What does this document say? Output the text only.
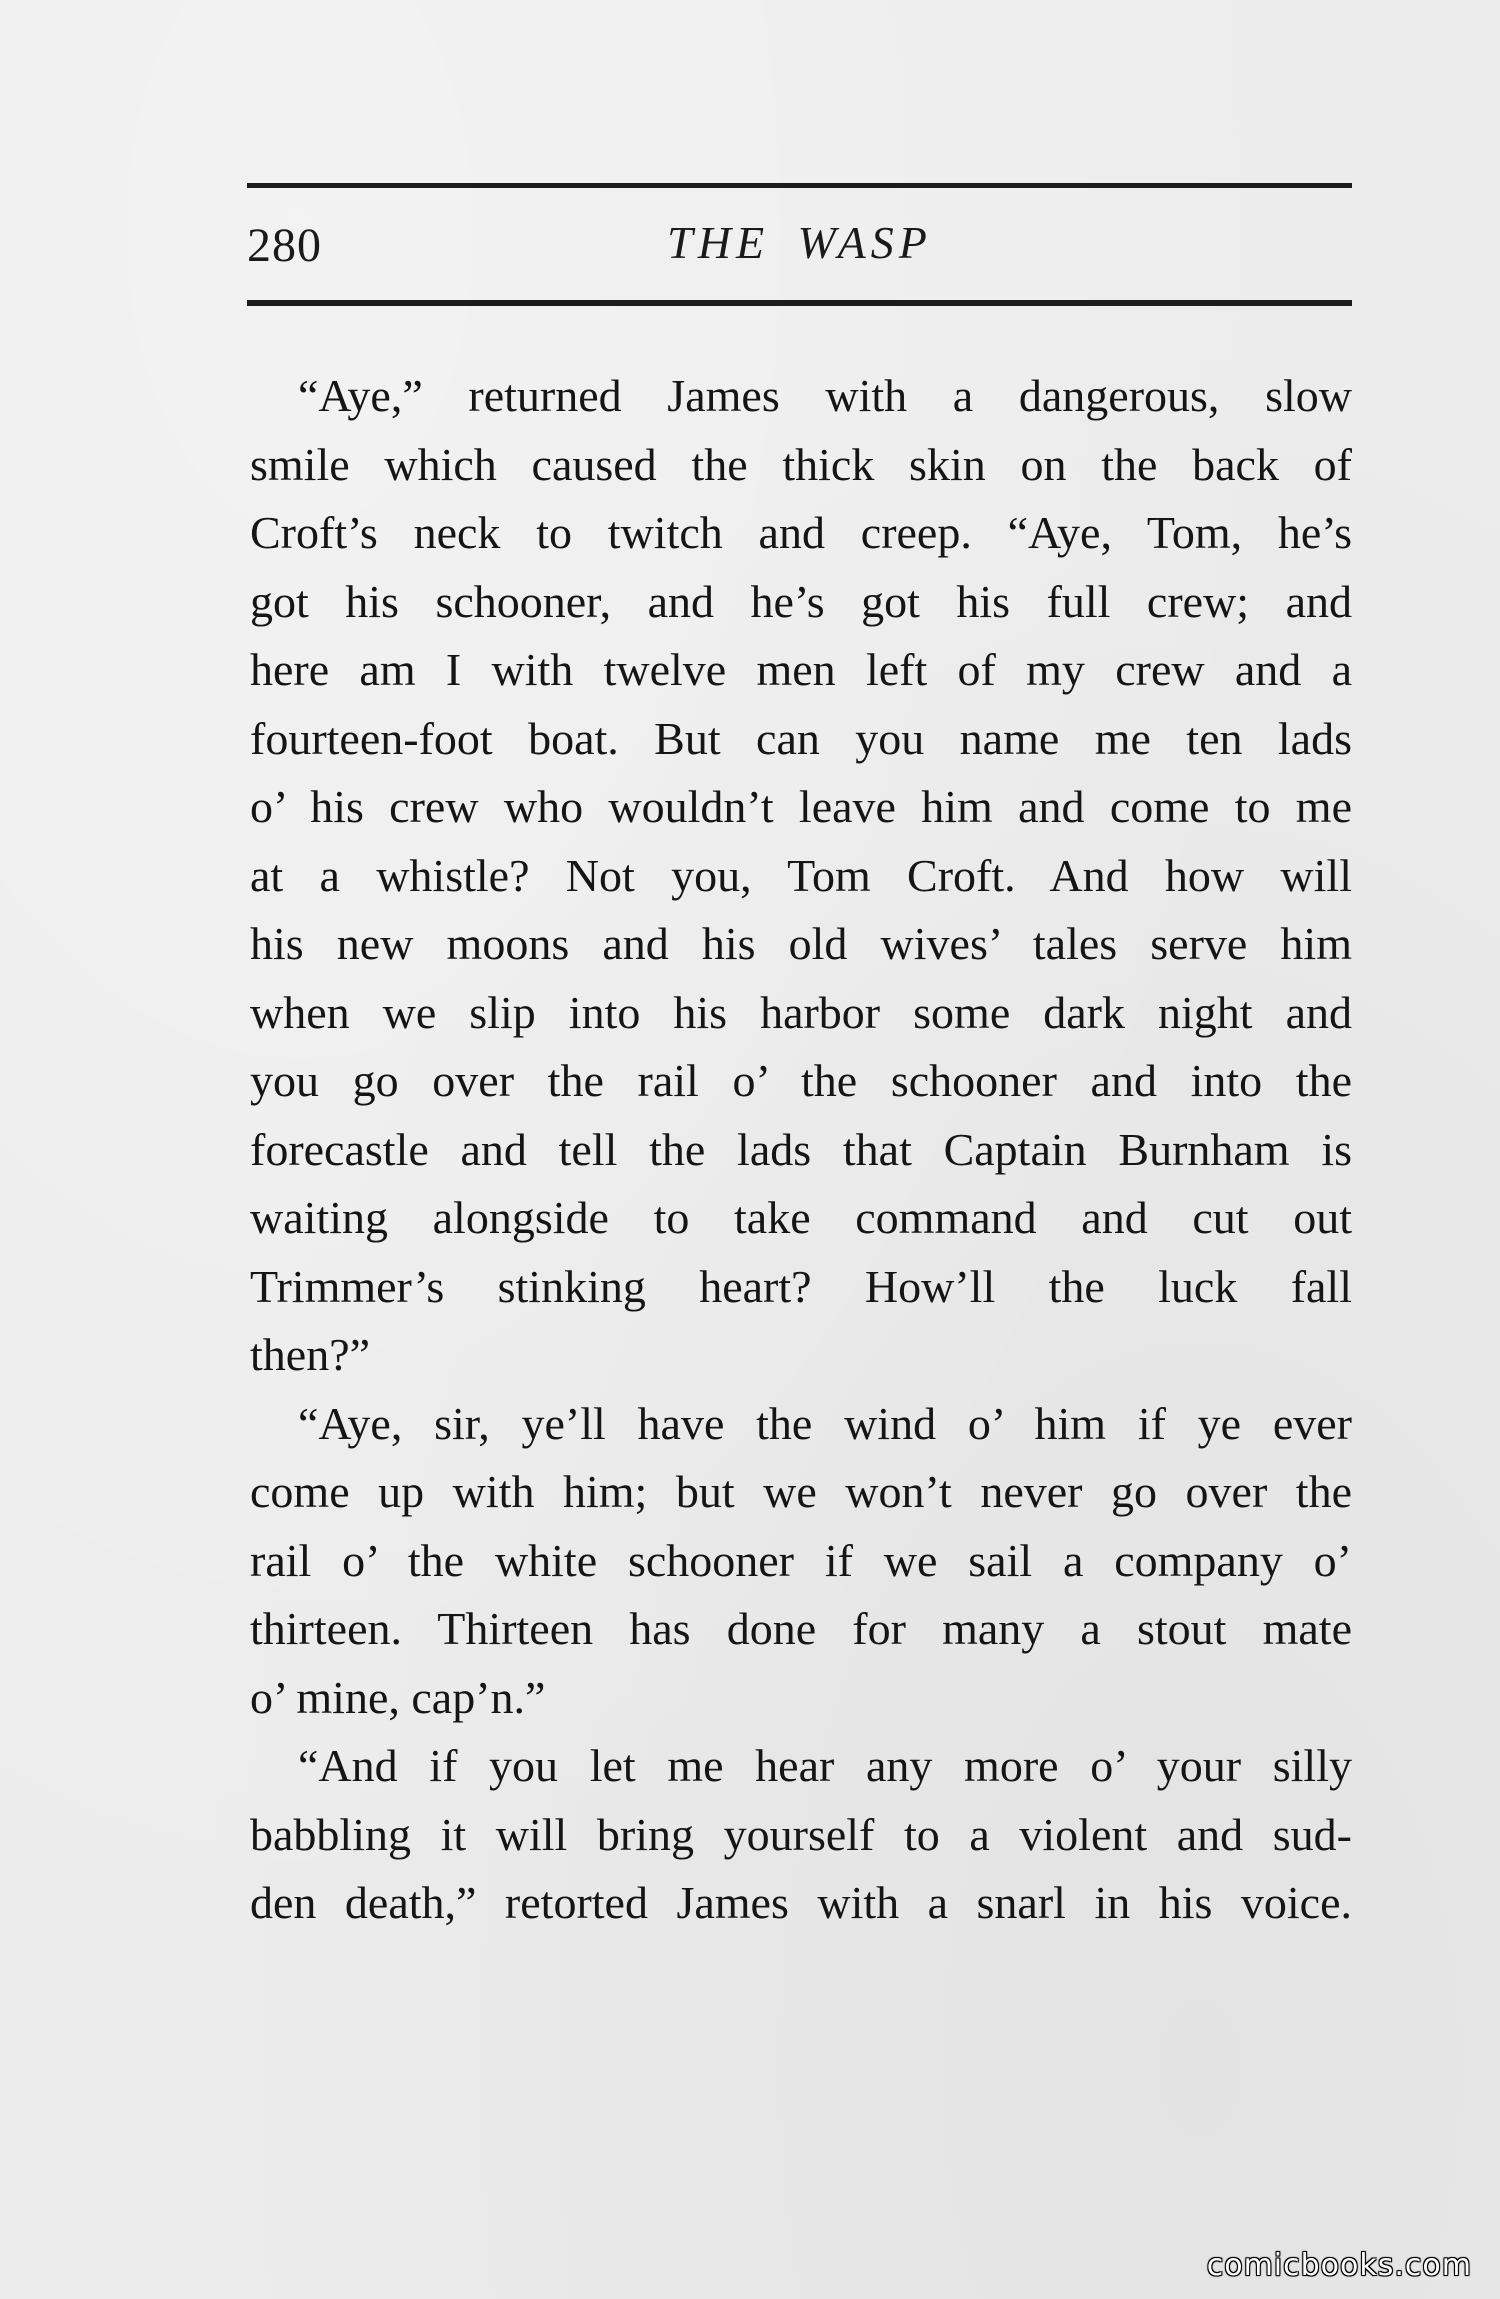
280	THE WASP
“Aye,” returned James with a dangerous, slow
smile which caused the thick skin on the back of
Croft’s neck to twitch and creep. “Aye, Tom, he’s
got his schooner, and he’s got his full crew; and
here am I with twelve men left of my crew and a
fourteen-foot boat. But can you name me ten lads
o’ his crew who wouldn’t leave him and come to me
at a whistle? Not you, Tom Croft. And how will
his new moons and his old wives’ tales serve him
when we slip into his harbor some dark night and
you go over the rail o’ the schooner and into the
forecastle and tell the lads that Captain Burnham is
waiting alongside to take command and cut out
Trimmer’s stinking heart? How’ll the luck fall
then?”
“Aye, sir, ye’ll have the wind o’ him if ye ever
come up with him; but we won’t never go over the
rail o’ the white schooner if we sail a company o’
thirteen. Thirteen has done for many a stout mate
o’ mine, cap’n.”
“And if you let me hear any more o’ your silly
babbling it will bring yourself to a violent and sud-
den death,” retorted James with a snarl in his voice.
comicbooks.com
